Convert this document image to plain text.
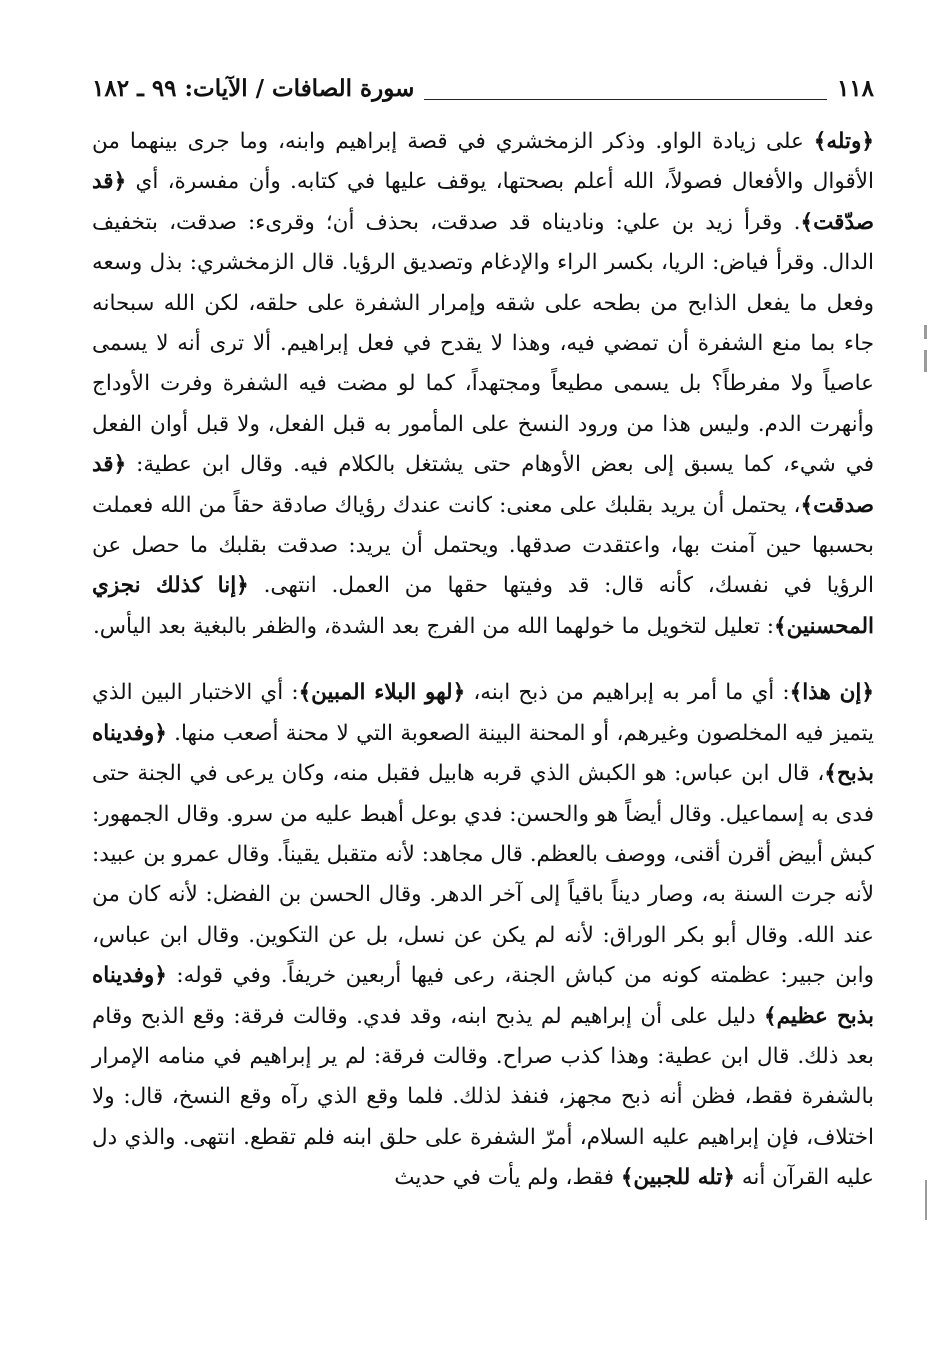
١١٨
سورة الصافات / الآيات: ٩٩ ـ ١٨٢

﴿وتله﴾ على زيادة الواو. وذكر الزمخشري في قصة إبراهيم وابنه، وما جرى بينهما من الأقوال والأفعال فصولاً، الله أعلم بصحتها، يوقف عليها في كتابه. وأن مفسرة، أي ﴿قد صدّقت﴾. وقرأ زيد بن علي: وناديناه قد صدقت، بحذف أن؛ وقرىء: صدقت، بتخفيف الدال. وقرأ فياض: الريا، بكسر الراء والإدغام وتصديق الرؤيا. قال الزمخشري: بذل وسعه وفعل ما يفعل الذابح من بطحه على شقه وإمرار الشفرة على حلقه، لكن الله سبحانه جاء بما منع الشفرة أن تمضي فيه، وهذا لا يقدح في فعل إبراهيم. ألا ترى أنه لا يسمى عاصياً ولا مفرطاً؟ بل يسمى مطيعاً ومجتهداً، كما لو مضت فيه الشفرة وفرت الأوداج وأنهرت الدم. وليس هذا من ورود النسخ على المأمور به قبل الفعل، ولا قبل أوان الفعل في شيء، كما يسبق إلى بعض الأوهام حتى يشتغل بالكلام فيه. وقال ابن عطية: ﴿قد صدقت﴾، يحتمل أن يريد بقلبك على معنى: كانت عندك رؤياك صادقة حقاً من الله فعملت بحسبها حين آمنت بها، واعتقدت صدقها. ويحتمل أن يريد: صدقت بقلبك ما حصل عن الرؤيا في نفسك، كأنه قال: قد وفيتها حقها من العمل. انتهى. ﴿إنا كذلك نجزي المحسنين﴾: تعليل لتخويل ما خولهما الله من الفرج بعد الشدة، والظفر بالبغية بعد اليأس.

﴿إن هذا﴾: أي ما أمر به إبراهيم من ذبح ابنه، ﴿لهو البلاء المبين﴾: أي الاختبار البين الذي يتميز فيه المخلصون وغيرهم، أو المحنة البينة الصعوبة التي لا محنة أصعب منها. ﴿وفديناه بذبح﴾، قال ابن عباس: هو الكبش الذي قربه هابيل فقبل منه، وكان يرعى في الجنة حتى فدى به إسماعيل. وقال أيضاً هو والحسن: فدي بوعل أهبط عليه من سرو. وقال الجمهور: كبش أبيض أقرن أقنى، ووصف بالعظم. قال مجاهد: لأنه متقبل يقيناً. وقال عمرو بن عبيد: لأنه جرت السنة به، وصار ديناً باقياً إلى آخر الدهر. وقال الحسن بن الفضل: لأنه كان من عند الله. وقال أبو بكر الوراق: لأنه لم يكن عن نسل، بل عن التكوين. وقال ابن عباس، وابن جبير: عظمته كونه من كباش الجنة، رعى فيها أربعين خريفاً. وفي قوله: ﴿وفديناه بذبح عظيم﴾ دليل على أن إبراهيم لم يذبح ابنه، وقد فدي. وقالت فرقة: وقع الذبح وقام بعد ذلك. قال ابن عطية: وهذا كذب صراح. وقالت فرقة: لم ير إبراهيم في منامه الإمرار بالشفرة فقط، فظن أنه ذبح مجهز، فنفذ لذلك. فلما وقع الذي رآه وقع النسخ، قال: ولا اختلاف، فإن إبراهيم عليه السلام، أمرّ الشفرة على حلق ابنه فلم تقطع. انتهى. والذي دل عليه القرآن أنه ﴿تله للجبين﴾ فقط، ولم يأت في حديث
